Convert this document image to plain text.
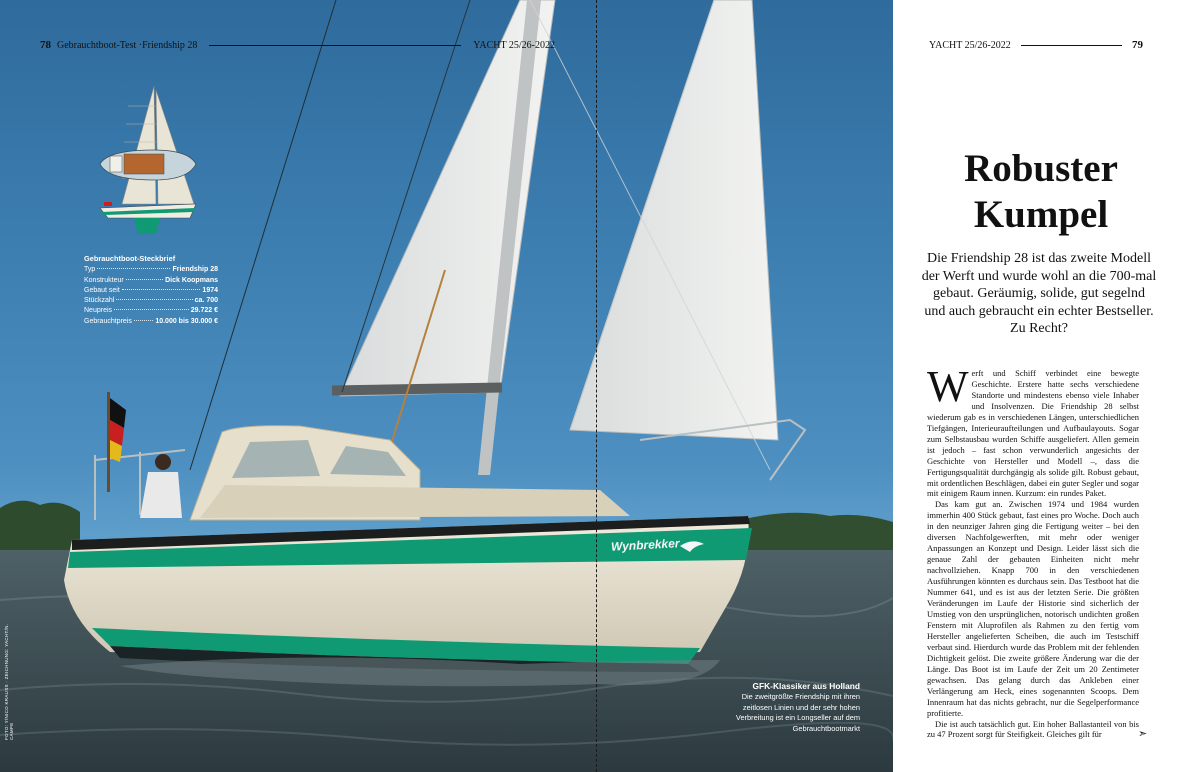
78 Gebrauchtboot-Test ·Friendship 28	YACHT 25/26-2022
Gebrauchtboot-Steckbrief
Typ	Friendship 28
Konstrukteur	Dick Koopmans
Gebaut seit	1974
Stückzahl	ca. 700
Neupreis	29.722 €
Gebrauchtpreis	10.000 bis 30.000 €
Wynbrekker
GFK-Klassiker aus Holland
Die zweitgrößte Friendship mit ihren zeitlosen Linien und der sehr hohen Verbreitung ist ein Longseller auf dem Gebrauchtbootmarkt
FOTO: Y/NICO KRAUSS · ZEICHNUNG: YACHT/N. CAMPE
YACHT 25/26-2022	79
Robuster
Kumpel
Die Friendship 28 ist das zweite Modell der Werft und wurde wohl an die 700-mal gebaut. Geräumig, solide, gut segelnd und auch gebraucht ein echter Bestseller. Zu Recht?

Werft und Schiff verbindet eine bewegte Geschichte. Erstere hatte sechs verschiedene Standorte und mindestens ebenso viele Inhaber und Insolvenzen. Die Friendship 28 selbst wiederum gab es in verschiedenen Längen, unterschiedlichen Tiefgängen, Interieuraufteilungen und Aufbaulayouts. Sogar zum Selbstausbau wurden Schiffe ausgeliefert. Allen gemein ist jedoch – fast schon verwunderlich angesichts der Geschichte von Hersteller und Modell –, dass die Fertigungsqualität durchgängig als solide gilt. Robust gebaut, mit ordentlichen Beschlägen, dabei ein guter Segler und sogar mit einigem Raum innen. Kurzum: ein rundes Paket.

Das kam gut an. Zwischen 1974 und 1984 wurden immerhin 400 Stück gebaut, fast eines pro Woche. Doch auch in den neunziger Jahren ging die Fertigung weiter – bei den diversen Nachfolgewerften, mit mehr oder weniger Anpassungen an Konzept und Design. Leider lässt sich die genaue Zahl der gebauten Einheiten nicht mehr nachvollziehen. Knapp 700 in den verschiedenen Ausführungen könnten es durchaus sein. Das Testboot hat die Nummer 641, und es ist aus der letzten Serie. Die größten Veränderungen im Laufe der Historie sind sicherlich der Umstieg von den ursprünglichen, notorisch undichten großen Fenstern mit Aluprofilen als Rahmen zu den fertig vom Hersteller angelieferten Scheiben, die auch im Testschiff verbaut sind. Hierdurch wurde das Problem mit der fehlenden Dichtigkeit gelöst. Die zweite größere Änderung war die der Länge. Das Boot ist im Laufe der Zeit um 20 Zentimeter gewachsen. Das gelang durch das Ankleben einer Verlängerung am Heck, eines sogenannten Scoops. Dem Innenraum hat das nichts gebracht, nur die Segelperformance profitierte.

Die ist auch tatsächlich gut. Ein hoher Ballastanteil von bis zu 47 Prozent sorgt für Steifigkeit. Gleiches gilt für	➣
